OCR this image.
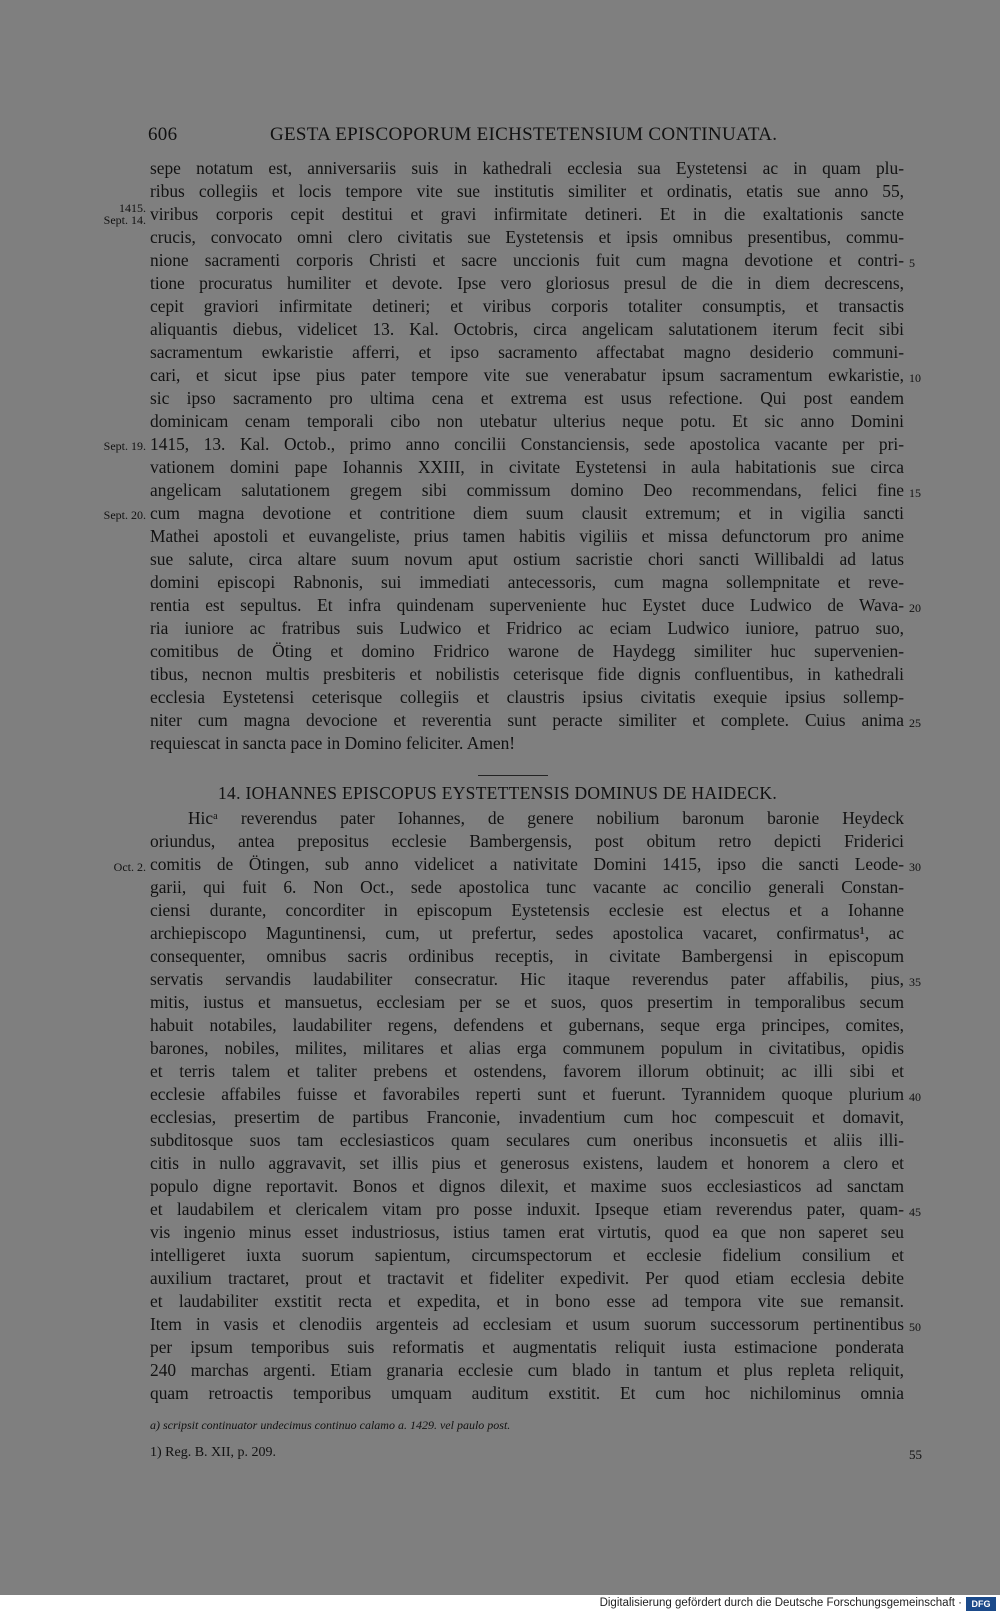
606	GESTA EPISCOPORUM EICHSTETENSIUM CONTINUATA.
sepe notatum est, anniversariis suis in kathedrali ecclesia sua Eystetensi ac in quam plu-
ribus collegiis et locis tempore vite sue institutis similiter et ordinatis, etatis sue anno 55,
viribus corporis cepit destitui et gravi infirmitate detineri. Et in die exaltationis sancte
crucis, convocato omni clero civitatis sue Eystetensis et ipsis omnibus presentibus, commu-
nione sacramenti corporis Christi et sacre unccionis fuit cum magna devotione et contri-
tione procuratus humiliter et devote. Ipse vero gloriosus presul de die in diem decrescens,
cepit graviori infirmitate detineri; et viribus corporis totaliter consumptis, et transactis
aliquantis diebus, videlicet 13. Kal. Octobris, circa angelicam salutationem iterum fecit sibi
sacramentum ewkaristie afferri, et ipso sacramento affectabat magno desiderio communi-
cari, et sicut ipse pius pater tempore vite sue venerabatur ipsum sacramentum ewkaristie,
sic ipso sacramento pro ultima cena et extrema est usus refectione. Qui post eandem
dominicam cenam temporali cibo non utebatur ulterius neque potu. Et sic anno Domini
1415, 13. Kal. Octob., primo anno concilii Constanciensis, sede apostolica vacante per pri-
vationem domini pape Iohannis XXIII, in civitate Eystetensi in aula habitationis sue circa
angelicam salutationem gregem sibi commissum domino Deo recommendans, felici fine
cum magna devotione et contritione diem suum clausit extremum; et in vigilia sancti
Mathei apostoli et euvangeliste, prius tamen habitis vigiliis et missa defunctorum pro anime
sue salute, circa altare suum novum aput ostium sacristie chori sancti Willibaldi ad latus
domini episcopi Rabnonis, sui immediati antecessoris, cum magna sollempnitate et reve-
rentia est sepultus. Et infra quindenam superveniente huc Eystet duce Ludwico de Wava-
ria iuniore ac fratribus suis Ludwico et Fridrico ac eciam Ludwico iuniore, patruo suo,
comitibus de Öting et domino Fridrico warone de Haydegg similiter huc supervenien-
tibus, necnon multis presbiteris et nobilistis ceterisque fide dignis confluentibus, in kathedrali
ecclesia Eystetensi ceterisque collegiis et claustris ipsius civitatis exequie ipsius sollemp-
niter cum magna devocione et reverentia sunt peracte similiter et complete. Cuius anima
requiescat in sancta pace in Domino feliciter. Amen!
14. IOHANNES EPISCOPUS EYSTETTENSIS DOMINUS DE HAIDECK.
Hicᵃ reverendus pater Iohannes, de genere nobilium baronum baronie Heydeck
oriundus, antea prepositus ecclesie Bambergensis, post obitum retro depicti Friderici
comitis de Ötingen, sub anno videlicet a nativitate Domini 1415, ipso die sancti Leode-
garii, qui fuit 6. Non Oct., sede apostolica tunc vacante ac concilio generali Constan-
ciensi durante, concorditer in episcopum Eystetensis ecclesie est electus et a Iohanne
archiepiscopo Maguntinensi, cum, ut prefertur, sedes apostolica vacaret, confirmatus¹, ac
consequenter, omnibus sacris ordinibus receptis, in civitate Bambergensi in episcopum
servatis servandis laudabiliter consecratur. Hic itaque reverendus pater affabilis, pius,
mitis, iustus et mansuetus, ecclesiam per se et suos, quos presertim in temporalibus secum
habuit notabiles, laudabiliter regens, defendens et gubernans, seque erga principes, comites,
barones, nobiles, milites, militares et alias erga communem populum in civitatibus, opidis
et terris talem et taliter prebens et ostendens, favorem illorum obtinuit; ac illi sibi et
ecclesie affabiles fuisse et favorabiles reperti sunt et fuerunt. Tyrannidem quoque plurium
ecclesias, presertim de partibus Franconie, invadentium cum hoc compescuit et domavit,
subditosque suos tam ecclesiasticos quam seculares cum oneribus inconsuetis et aliis illi-
citis in nullo aggravavit, set illis pius et generosus existens, laudem et honorem a clero et
populo digne reportavit. Bonos et dignos dilexit, et maxime suos ecclesiasticos ad sanctam
et laudabilem et clericalem vitam pro posse induxit. Ipseque etiam reverendus pater, quam-
vis ingenio minus esset industriosus, istius tamen erat virtutis, quod ea que non saperet seu
intelligeret iuxta suorum sapientum, circumspectorum et ecclesie fidelium consilium et
auxilium tractaret, prout et tractavit et fideliter expedivit. Per quod etiam ecclesia debite
et laudabiliter exstitit recta et expedita, et in bono esse ad tempora vite sue remansit.
Item in vasis et clenodiis argenteis ad ecclesiam et usum suorum successorum pertinentibus
per ipsum temporibus suis reformatis et augmentatis reliquit iusta estimacione ponderata
240 marchas argenti. Etiam granaria ecclesie cum blado in tantum et plus repleta reliquit,
quam retroactis temporibus umquam auditum exstitit. Et cum hoc nichilominus omnia
1415.
Sept. 14.
Sept. 19.
Sept. 20.
Oct. 2.
5
10
15
20
25
30
35
40
45
50
a) scripsit continuator undecimus continuo calamo a. 1429. vel paulo post.
1) Reg. B. XII, p. 209.	55
Digitalisierung gefördert durch die Deutsche Forschungsgemeinschaft ·	DFG
